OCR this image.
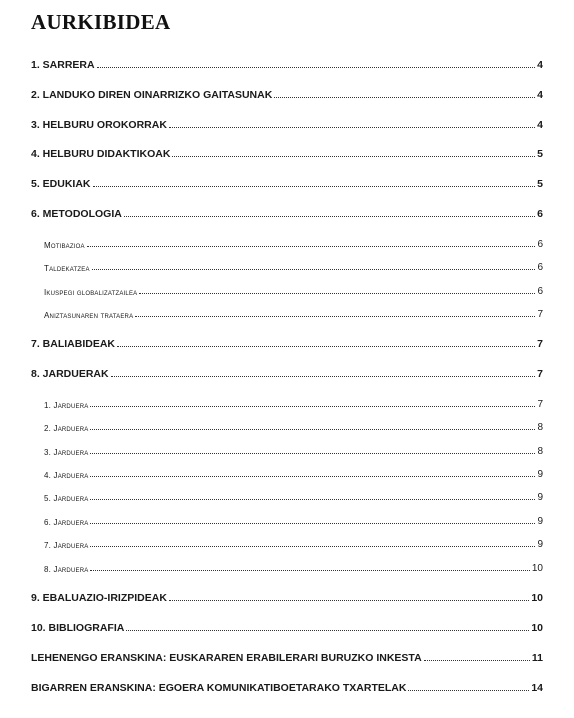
AURKIBIDEA
1. SARRERA	4
2. LANDUKO DIREN OINARRIZKO GAITASUNAK	4
3. HELBURU OROKORRAK	4
4. HELBURU DIDAKTIKOAK	5
5. EDUKIAK	5
6. METODOLOGIA	6
Motibazioa	6
Taldekatzea	6
Ikuspegi globalizatzailea	6
Aniztasunaren trataera	7
7. BALIABIDEAK	7
8. JARDUERAK	7
1. Jarduera	7
2. Jarduera	8
3. Jarduera	8
4. Jarduera	9
5. Jarduera	9
6. Jarduera	9
7. Jarduera	9
8. Jarduera	10
9. EBALUAZIO-IRIZPIDEAK	10
10. BIBLIOGRAFIA	10
LEHENENGO ERANSKINA: EUSKARAREN ERABILERARI BURUZKO INKESTA	11
BIGARREN ERANSKINA: EGOERA KOMUNIKATIBOETARAKO TXARTELAK	14
